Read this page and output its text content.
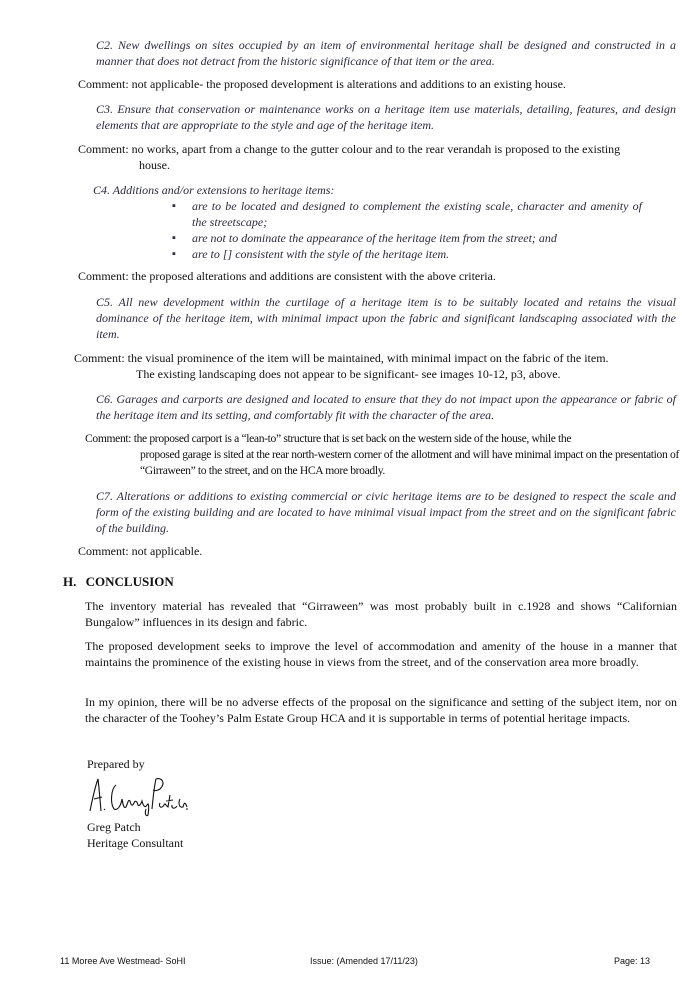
C2. New dwellings on sites occupied by an item of environmental heritage shall be designed and constructed in a manner that does not detract from the historic significance of that item or the area.
Comment: not applicable- the proposed development is alterations and additions to an existing house.
C3. Ensure that conservation or maintenance works on a heritage item use materials, detailing, features, and design elements that are appropriate to the style and age of the heritage item.
Comment: no works, apart from a change to the gutter colour and to the rear verandah is proposed to the existing
house.
C4. Additions and/or extensions to heritage items:
▪ are to be located and designed to complement the existing scale, character and amenity of the streetscape;
▪ are not to dominate the appearance of the heritage item from the street; and
▪ are to [] consistent with the style of the heritage item.
Comment: the proposed alterations and additions are consistent with the above criteria.
C5. All new development within the curtilage of a heritage item is to be suitably located and retains the visual dominance of the heritage item, with minimal impact upon the fabric and significant landscaping associated with the item.
Comment: the visual prominence of the item will be maintained, with minimal impact on the fabric of the item.
The existing landscaping does not appear to be significant- see images 10-12, p3, above.
C6. Garages and carports are designed and located to ensure that they do not impact upon the appearance or fabric of the heritage item and its setting, and comfortably fit with the character of the area.
Comment: the proposed carport is a “lean-to” structure that is set back on the western side of the house, while the
proposed garage is sited at the rear north-western corner of the allotment and will have minimal impact on the presentation of “Girraween” to the street, and on the HCA more broadly.
C7. Alterations or additions to existing commercial or civic heritage items are to be designed to respect the scale and form of the existing building and are located to have minimal visual impact from the street and on the significant fabric of the building.
Comment: not applicable.
H. CONCLUSION
The inventory material has revealed that “Girraween” was most probably built in c.1928 and shows “Californian Bungalow” influences in its design and fabric.
The proposed development seeks to improve the level of accommodation and amenity of the house in a manner that maintains the prominence of the existing house in views from the street, and of the conservation area more broadly.
In my opinion, there will be no adverse effects of the proposal on the significance and setting of the subject item, nor on the character of the Toohey’s Palm Estate Group HCA and it is supportable in terms of potential heritage impacts.
Prepared by
Greg Patch
Heritage Consultant
11 Moree Ave Westmead- SoHI	Issue: (Amended 17/11/23)	Page: 13
